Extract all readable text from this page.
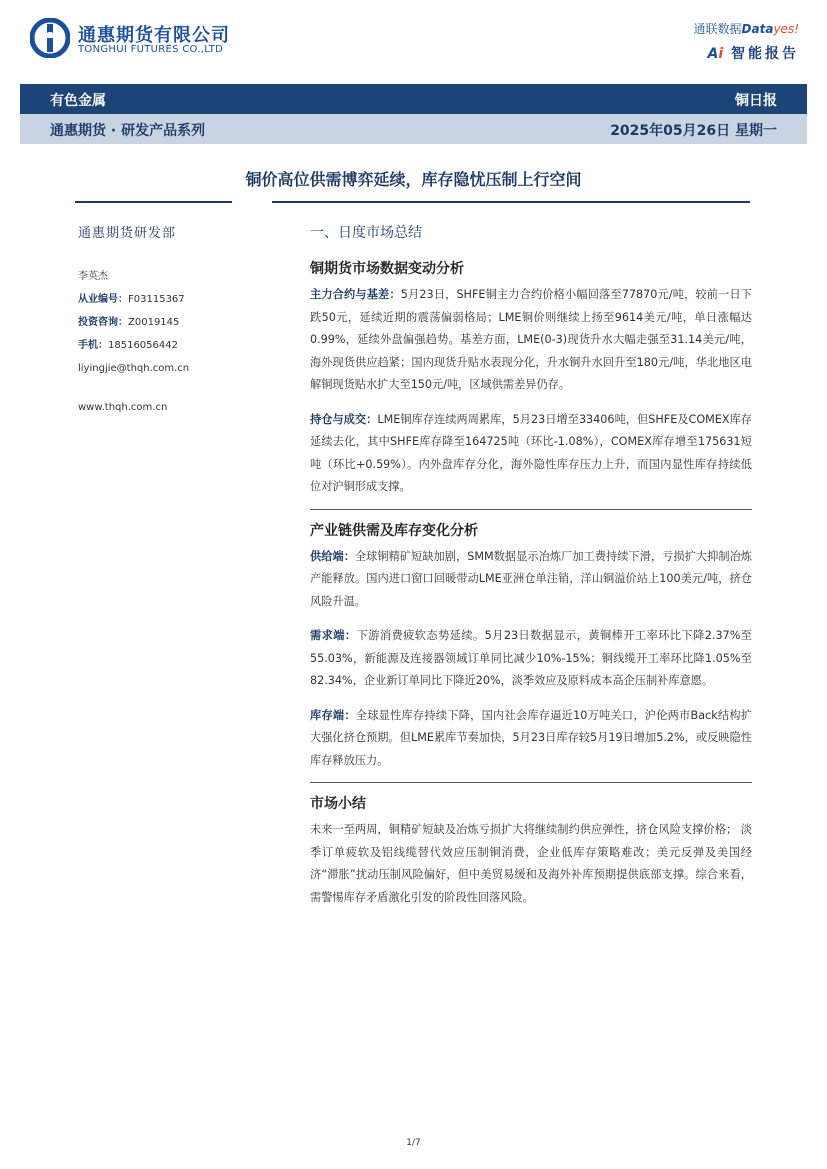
通惠期货有限公司
TONGHUI FUTURES CO.,LTD
通联数据Datayes!
Ai 智能报告
有色金属	铜日报
通惠期货 · 研发产品系列	2025年05月26日 星期一
铜价高位供需博弈延续，库存隐忧压制上行空间
通惠期货研发部
李英杰
从业编号：F03115367
投资咨询：Z0019145
手机：18516056442
liyingjie@thqh.com.cn
www.thqh.com.cn
一、日度市场总结
铜期货市场数据变动分析
主力合约与基差：5月23日，SHFE铜主力合约价格小幅回落至77870元/吨，较前一日下跌50元，延续近期的震荡偏弱格局；LME铜价则继续上扬至9614美元/吨，单日涨幅达0.99%，延续外盘偏强趋势。基差方面，LME(0-3)现货升水大幅走强至31.14美元/吨，海外现货供应趋紧；国内现货升贴水表现分化，升水铜升水回升至180元/吨，华北地区电解铜现货贴水扩大至150元/吨，区域供需差异仍存。
持仓与成交：LME铜库存连续两周累库，5月23日增至33406吨，但SHFE及COMEX库存延续去化，其中SHFE库存降至164725吨（环比-1.08%），COMEX库存增至175631短吨（环比+0.59%）。内外盘库存分化，海外隐性库存压力上升，而国内显性库存持续低位对沪铜形成支撑。
产业链供需及库存变化分析
供给端：全球铜精矿短缺加剧，SMM数据显示冶炼厂加工费持续下滑，亏损扩大抑制冶炼产能释放。国内进口窗口回暖带动LME亚洲仓单注销，洋山铜溢价站上100美元/吨，挤仓风险升温。
需求端：下游消费疲软态势延续。5月23日数据显示，黄铜棒开工率环比下降2.37%至55.03%，新能源及连接器领域订单同比减少10%-15%；铜线缆开工率环比降1.05%至82.34%，企业新订单同比下降近20%，淡季效应及原料成本高企压制补库意愿。
库存端：全球显性库存持续下降，国内社会库存逼近10万吨关口，沪伦两市Back结构扩大强化挤仓预期。但LME累库节奏加快，5月23日库存较5月19日增加5.2%，或反映隐性库存释放压力。
市场小结
未来一至两周，铜精矿短缺及冶炼亏损扩大将继续制约供应弹性，挤仓风险支撑价格； 淡季订单疲软及铝线缆替代效应压制铜消费，企业低库存策略难改；美元反弹及美国经济“滞胀”扰动压制风险偏好，但中美贸易缓和及海外补库预期提供底部支撑。综合来看，需警惕库存矛盾激化引发的阶段性回落风险。
1/7
